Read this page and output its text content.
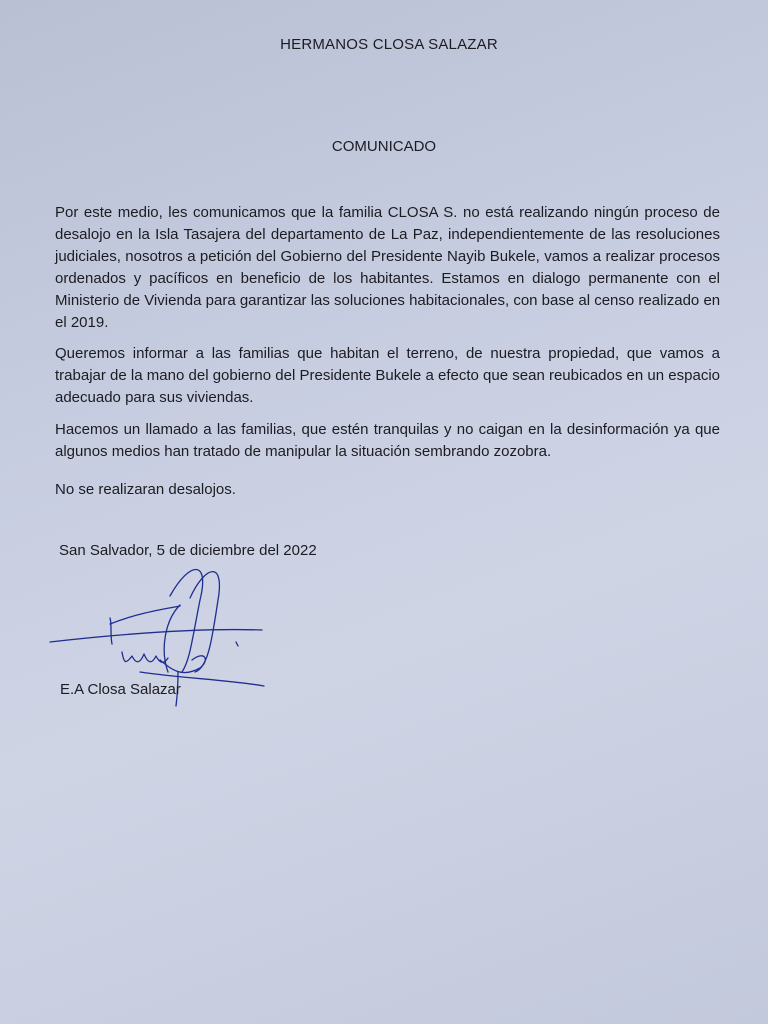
HERMANOS CLOSA SALAZAR
COMUNICADO
Por este medio, les comunicamos que la familia CLOSA S. no está realizando ningún proceso de
desalojo en la Isla Tasajera del departamento de La Paz, independientemente de las resoluciones
judiciales, nosotros a petición del Gobierno del Presidente Nayib Bukele, vamos a realizar procesos
ordenados y pacíficos en beneficio de los habitantes. Estamos en dialogo permanente con el
Ministerio de Vivienda para garantizar las soluciones habitacionales, con base al censo realizado en
el 2019.
Queremos informar a las familias que habitan el terreno, de nuestra propiedad, que vamos a
trabajar de la mano del gobierno del Presidente Bukele a efecto que sean reubicados en un espacio
adecuado para sus viviendas.
Hacemos un llamado a las familias, que estén tranquilas y no caigan en la desinformación ya que
algunos medios han tratado de manipular la situación sembrando zozobra.
No se realizaran desalojos.
San Salvador, 5 de diciembre del 2022
E.A Closa Salazar
